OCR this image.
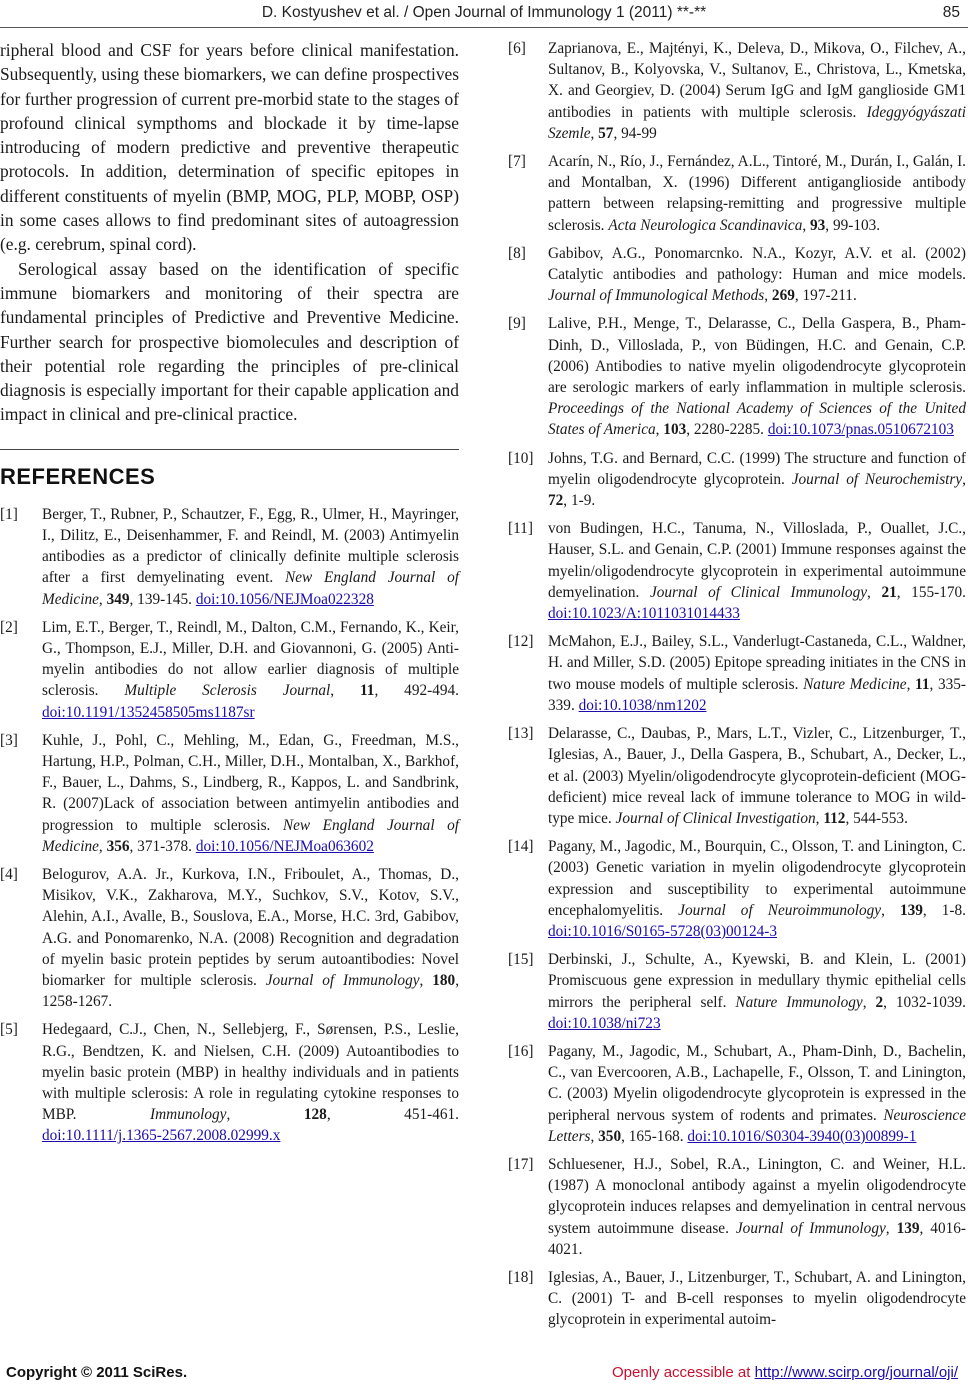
D. Kostyushev et al. / Open Journal of Immunology 1 (2011) **-**	85

ripheral blood and CSF for years before clinical manifestation. Subsequently, using these biomarkers, we can define prospectives for further progression of current pre-morbid state to the stages of profound clinical sympthoms and blockade it by time-lapse introducing of modern predictive and preventive therapeutic protocols. In addition, determination of specific epitopes in different constituents of myelin (BMP, MOG, PLP, MOBP, OSP) in some cases allows to find predominant sites of autoagression (e.g. cerebrum, spinal cord).

Serological assay based on the identification of specific immune biomarkers and monitoring of their spectra are fundamental principles of Predictive and Preventive Medicine. Further search for prospective biomolecules and description of their potential role regarding the principles of pre-clinical diagnosis is especially important for their capable application and impact in clinical and pre-clinical practice.

REFERENCES
[1] Berger, T., Rubner, P., Schautzer, F., Egg, R., Ulmer, H., Mayringer, I., Dilitz, E., Deisenhammer, F. and Reindl, M. (2003) Antimyelin antibodies as a predictor of clinically definite multiple sclerosis after a first demyelinating event. New England Journal of Medicine, 349, 139-145. doi:10.1056/NEJMoa022328
[2] Lim, E.T., Berger, T., Reindl, M., Dalton, C.M., Fernando, K., Keir, G., Thompson, E.J., Miller, D.H. and Giovannoni, G. (2005) Anti-myelin antibodies do not allow earlier diagnosis of multiple sclerosis. Multiple Sclerosis Journal, 11, 492-494. doi:10.1191/1352458505ms1187sr
[3] Kuhle, J., Pohl, C., Mehling, M., Edan, G., Freedman, M.S., Hartung, H.P., Polman, C.H., Miller, D.H., Montalban, X., Barkhof, F., Bauer, L., Dahms, S., Lindberg, R., Kappos, L. and Sandbrink, R. (2007)Lack of association between antimyelin antibodies and progression to multiple sclerosis. New England Journal of Medicine, 356, 371-378. doi:10.1056/NEJMoa063602
[4] Belogurov, A.A. Jr., Kurkova, I.N., Friboulet, A., Thomas, D., Misikov, V.K., Zakharova, M.Y., Suchkov, S.V., Kotov, S.V., Alehin, A.I., Avalle, B., Souslova, E.A., Morse, H.C. 3rd, Gabibov, A.G. and Ponomarenko, N.A. (2008) Recognition and degradation of myelin basic protein peptides by serum autoantibodies: Novel biomarker for multiple sclerosis. Journal of Immunology, 180, 1258-1267.
[5] Hedegaard, C.J., Chen, N., Sellebjerg, F., Sørensen, P.S., Leslie, R.G., Bendtzen, K. and Nielsen, C.H. (2009) Autoantibodies to myelin basic protein (MBP) in healthy individuals and in patients with multiple sclerosis: A role in regulating cytokine responses to MBP. Immunology, 128, 451-461. doi:10.1111/j.1365-2567.2008.02999.x
[6] Zaprianova, E., Majtényi, K., Deleva, D., Mikova, O., Filchev, A., Sultanov, B., Kolyovska, V., Sultanov, E., Christova, L., Kmetska, X. and Georgiev, D. (2004) Serum IgG and IgM ganglioside GM1 antibodies in patients with multiple sclerosis. Ideggyógyászati Szemle, 57, 94-99
[7] Acarín, N., Río, J., Fernández, A.L., Tintoré, M., Durán, I., Galán, I. and Montalban, X. (1996) Different antiganglioside antibody pattern between relapsing-remitting and progressive multiple sclerosis. Acta Neurologica Scandinavica, 93, 99-103.
[8] Gabibov, A.G., Ponomarcnko. N.A., Kozyr, A.V. et al. (2002) Catalytic antibodies and pathology: Human and mice models. Journal of Immunological Methods, 269, 197-211.
[9] Lalive, P.H., Menge, T., Delarasse, C., Della Gaspera, B., Pham-Dinh, D., Villoslada, P., von Büdingen, H.C. and Genain, C.P. (2006) Antibodies to native myelin oligodendrocyte glycoprotein are serologic markers of early inflammation in multiple sclerosis. Proceedings of the National Academy of Sciences of the United States of America, 103, 2280-2285. doi:10.1073/pnas.0510672103
[10] Johns, T.G. and Bernard, C.C. (1999) The structure and function of myelin oligodendrocyte glycoprotein. Journal of Neurochemistry, 72, 1-9.
[11] von Budingen, H.C., Tanuma, N., Villoslada, P., Ouallet, J.C., Hauser, S.L. and Genain, C.P. (2001) Immune responses against the myelin/oligodendrocyte glycoprotein in experimental autoimmune demyelination. Journal of Clinical Immunology, 21, 155-170. doi:10.1023/A:1011031014433
[12] McMahon, E.J., Bailey, S.L., Vanderlugt-Castaneda, C.L., Waldner, H. and Miller, S.D. (2005) Epitope spreading initiates in the CNS in two mouse models of multiple sclerosis. Nature Medicine, 11, 335-339. doi:10.1038/nm1202
[13] Delarasse, C., Daubas, P., Mars, L.T., Vizler, C., Litzenburger, T., Iglesias, A., Bauer, J., Della Gaspera, B., Schubart, A., Decker, L., et al. (2003) Myelin/oligodendrocyte glycoprotein-deficient (MOG-deficient) mice reveal lack of immune tolerance to MOG in wild-type mice. Journal of Clinical Investigation, 112, 544-553.
[14] Pagany, M., Jagodic, M., Bourquin, C., Olsson, T. and Linington, C. (2003) Genetic variation in myelin oligodendrocyte glycoprotein expression and susceptibility to experimental autoimmune encephalomyelitis. Journal of Neuroimmunology, 139, 1-8. doi:10.1016/S0165-5728(03)00124-3
[15] Derbinski, J., Schulte, A., Kyewski, B. and Klein, L. (2001) Promiscuous gene expression in medullary thymic epithelial cells mirrors the peripheral self. Nature Immunology, 2, 1032-1039. doi:10.1038/ni723
[16] Pagany, M., Jagodic, M., Schubart, A., Pham-Dinh, D., Bachelin, C., van Evercooren, A.B., Lachapelle, F., Olsson, T. and Linington, C. (2003) Myelin oligodendrocyte glycoprotein is expressed in the peripheral nervous system of rodents and primates. Neuroscience Letters, 350, 165-168. doi:10.1016/S0304-3940(03)00899-1
[17] Schluesener, H.J., Sobel, R.A., Linington, C. and Weiner, H.L. (1987) A monoclonal antibody against a myelin oligodendrocyte glycoprotein induces relapses and demyelination in central nervous system autoimmune disease. Journal of Immunology, 139, 4016-4021.
[18] Iglesias, A., Bauer, J., Litzenburger, T., Schubart, A. and Linington, C. (2001) T- and B-cell responses to myelin oligodendrocyte glycoprotein in experimental autoim-
Copyright © 2011 SciRes.	Openly accessible at http://www.scirp.org/journal/oji/
